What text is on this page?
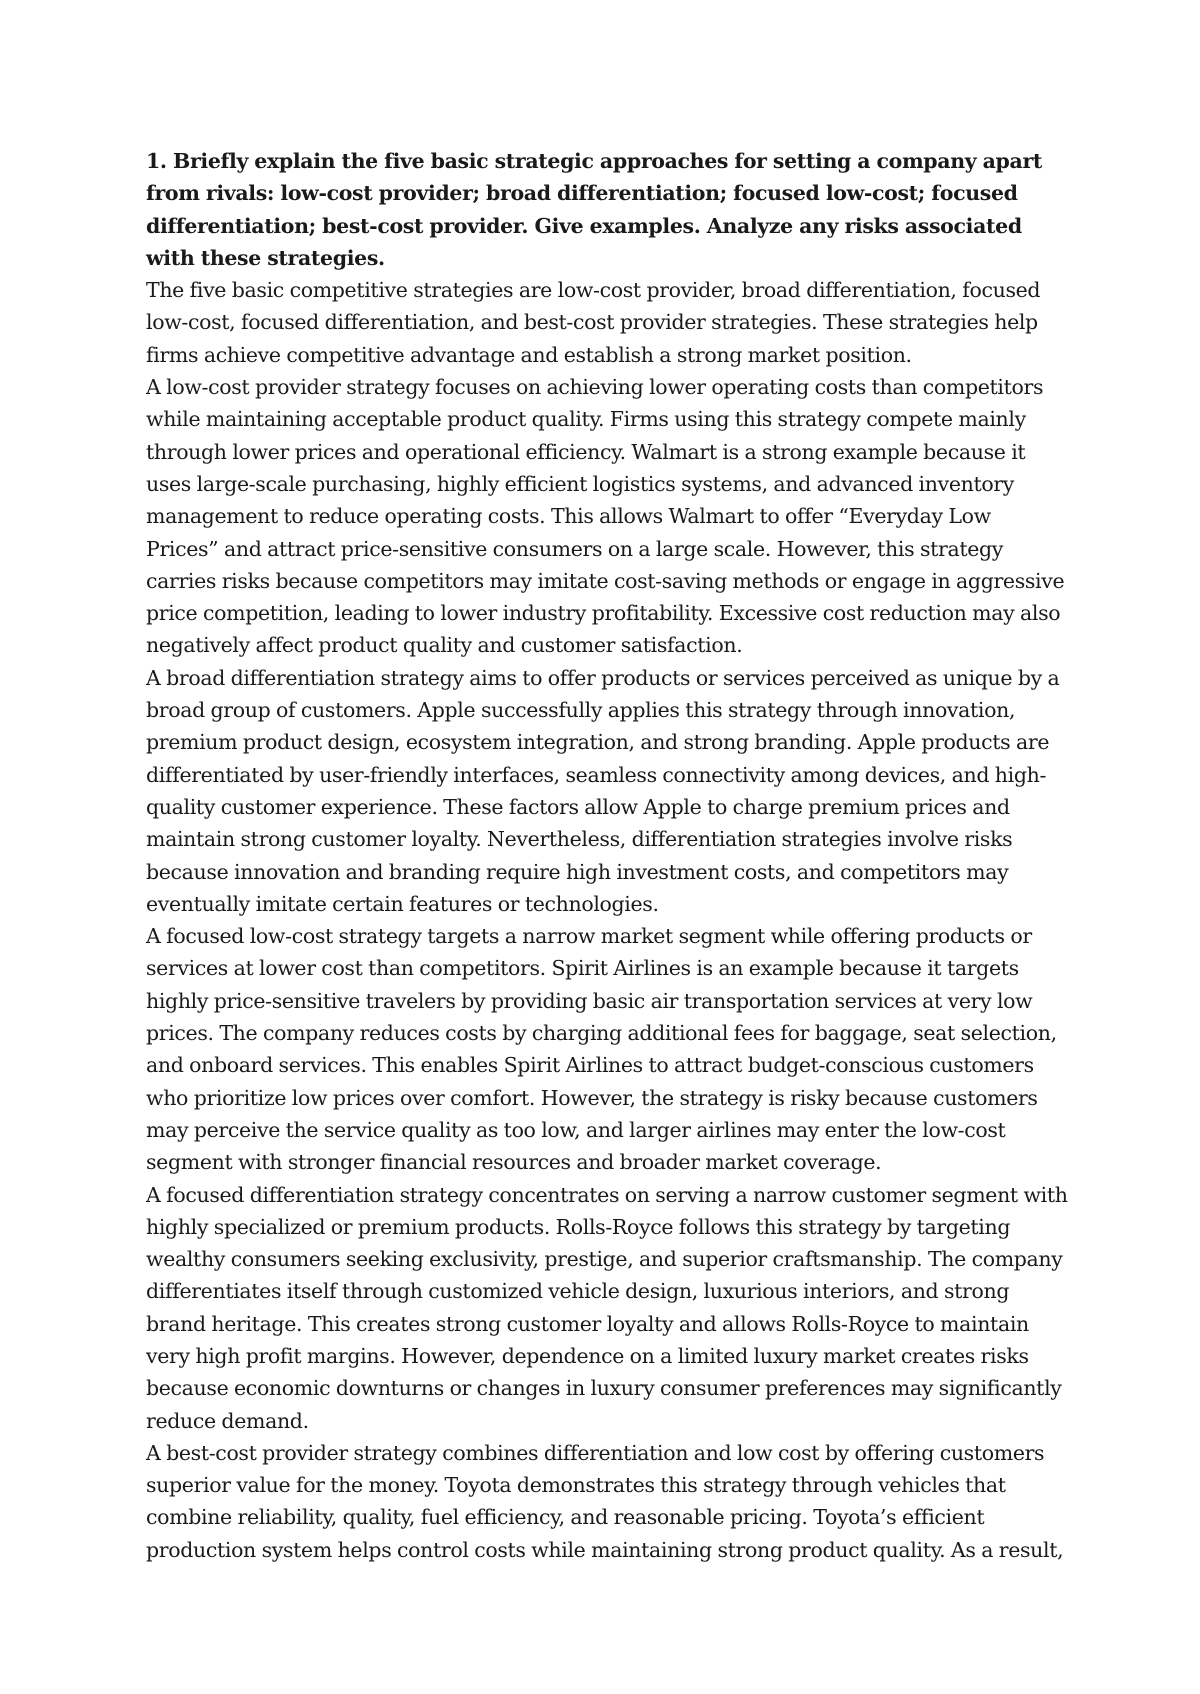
1. Briefly explain the five basic strategic approaches for setting a company apart from rivals: low-cost provider; broad differentiation; focused low-cost; focused differentiation; best-cost provider. Give examples. Analyze any risks associated with these strategies.

The five basic competitive strategies are low-cost provider, broad differentiation, focused low-cost, focused differentiation, and best-cost provider strategies. These strategies help firms achieve competitive advantage and establish a strong market position.

A low-cost provider strategy focuses on achieving lower operating costs than competitors while maintaining acceptable product quality. Firms using this strategy compete mainly through lower prices and operational efficiency. Walmart is a strong example because it uses large-scale purchasing, highly efficient logistics systems, and advanced inventory management to reduce operating costs. This allows Walmart to offer “Everyday Low Prices” and attract price-sensitive consumers on a large scale. However, this strategy carries risks because competitors may imitate cost-saving methods or engage in aggressive price competition, leading to lower industry profitability. Excessive cost reduction may also negatively affect product quality and customer satisfaction.

A broad differentiation strategy aims to offer products or services perceived as unique by a broad group of customers. Apple successfully applies this strategy through innovation, premium product design, ecosystem integration, and strong branding. Apple products are differentiated by user-friendly interfaces, seamless connectivity among devices, and high-quality customer experience. These factors allow Apple to charge premium prices and maintain strong customer loyalty. Nevertheless, differentiation strategies involve risks because innovation and branding require high investment costs, and competitors may eventually imitate certain features or technologies.

A focused low-cost strategy targets a narrow market segment while offering products or services at lower cost than competitors. Spirit Airlines is an example because it targets highly price-sensitive travelers by providing basic air transportation services at very low prices. The company reduces costs by charging additional fees for baggage, seat selection, and onboard services. This enables Spirit Airlines to attract budget-conscious customers who prioritize low prices over comfort. However, the strategy is risky because customers may perceive the service quality as too low, and larger airlines may enter the low-cost segment with stronger financial resources and broader market coverage.

A focused differentiation strategy concentrates on serving a narrow customer segment with highly specialized or premium products. Rolls-Royce follows this strategy by targeting wealthy consumers seeking exclusivity, prestige, and superior craftsmanship. The company differentiates itself through customized vehicle design, luxurious interiors, and strong brand heritage. This creates strong customer loyalty and allows Rolls-Royce to maintain very high profit margins. However, dependence on a limited luxury market creates risks because economic downturns or changes in luxury consumer preferences may significantly reduce demand.

A best-cost provider strategy combines differentiation and low cost by offering customers superior value for the money. Toyota demonstrates this strategy through vehicles that combine reliability, quality, fuel efficiency, and reasonable pricing. Toyota’s efficient production system helps control costs while maintaining strong product quality. As a result,
